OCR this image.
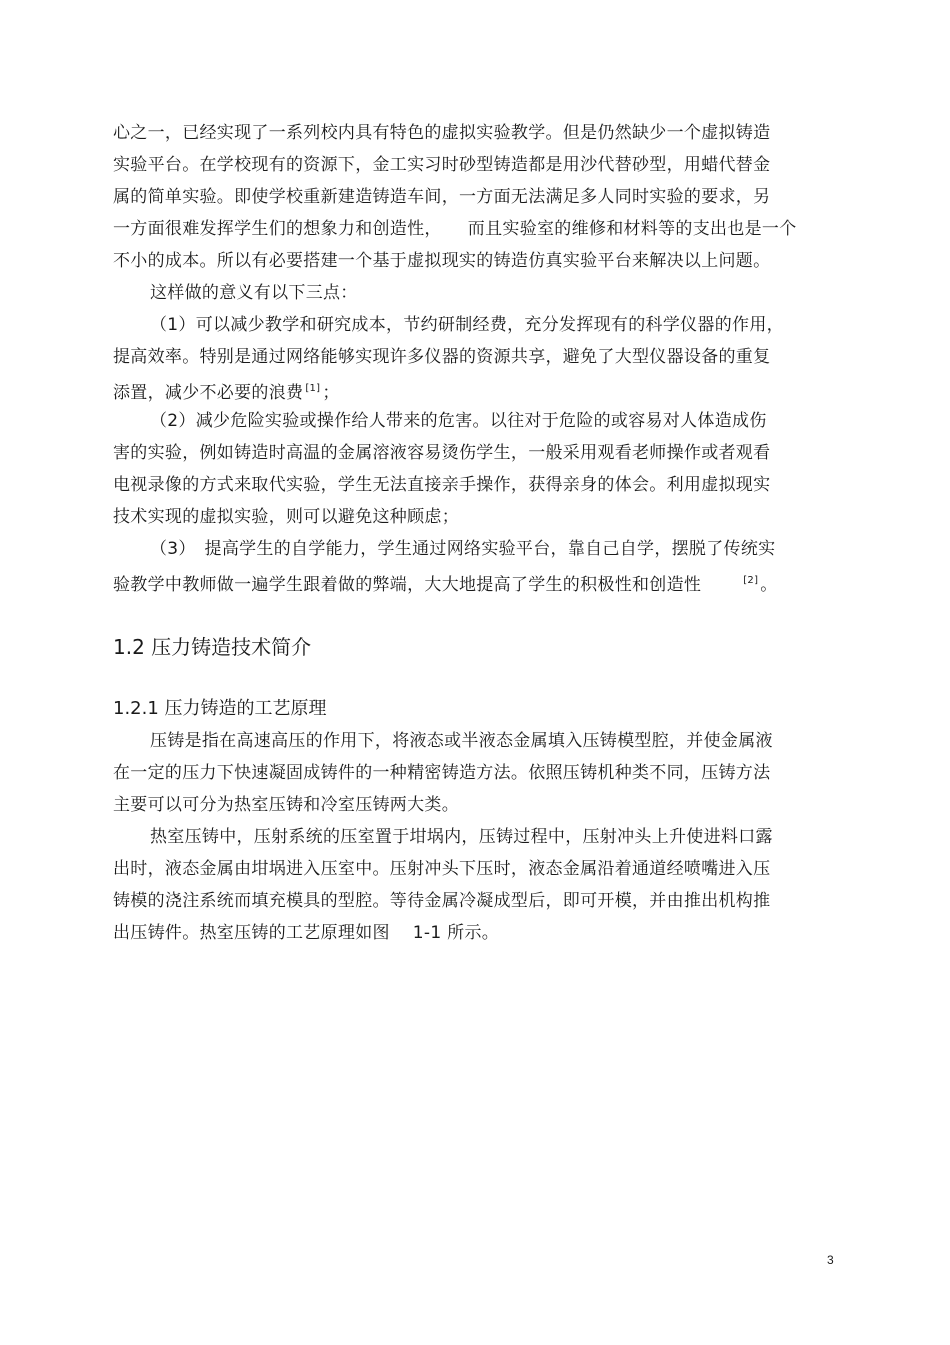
心之一，已经实现了一系列校内具有特色的虚拟实验教学。但是仍然缺少一个虚拟铸造
实验平台。在学校现有的资源下，金工实习时砂型铸造都是用沙代替砂型，用蜡代替金
属的简单实验。即使学校重新建造铸造车间，一方面无法满足多人同时实验的要求，另
一方面很难发挥学生们的想象力和创造性，　　而且实验室的维修和材料等的支出也是一个
不小的成本。所以有必要搭建一个基于虚拟现实的铸造仿真实验平台来解决以上问题。
这样做的意义有以下三点：
（1）可以减少教学和研究成本，节约研制经费，充分发挥现有的科学仪器的作用，
提高效率。特别是通过网络能够实现许多仪器的资源共享，避免了大型仪器设备的重复
添置，减少不必要的浪费 [1] ；
（2）减少危险实验或操作给人带来的危害。以往对于危险的或容易对人体造成伤
害的实验，例如铸造时高温的金属溶液容易烫伤学生，一般采用观看老师操作或者观看
电视录像的方式来取代实验，学生无法直接亲手操作，获得亲身的体会。利用虚拟现实
技术实现的虚拟实验，则可以避免这种顾虑；
（3）　提高学生的自学能力，学生通过网络实验平台，靠自己自学，摆脱了传统实
验教学中教师做一遍学生跟着做的弊端，大大地提高了学生的积极性和创造性	[2] 。
1.2 压力铸造技术简介
1.2.1 压力铸造的工艺原理
压铸是指在高速高压的作用下，将液态或半液态金属填入压铸模型腔，并使金属液
在一定的压力下快速凝固成铸件的一种精密铸造方法。依照压铸机种类不同，压铸方法
主要可以可分为热室压铸和冷室压铸两大类。
热室压铸中，压射系统的压室置于坩埚内，压铸过程中，压射冲头上升使进料口露
出时，液态金属由坩埚进入压室中。压射冲头下压时，液态金属沿着通道经喷嘴进入压
铸模的浇注系统而填充模具的型腔。等待金属冷凝成型后，即可开模，并由推出机构推
出压铸件。热室压铸的工艺原理如图　 1-1 所示。
3
